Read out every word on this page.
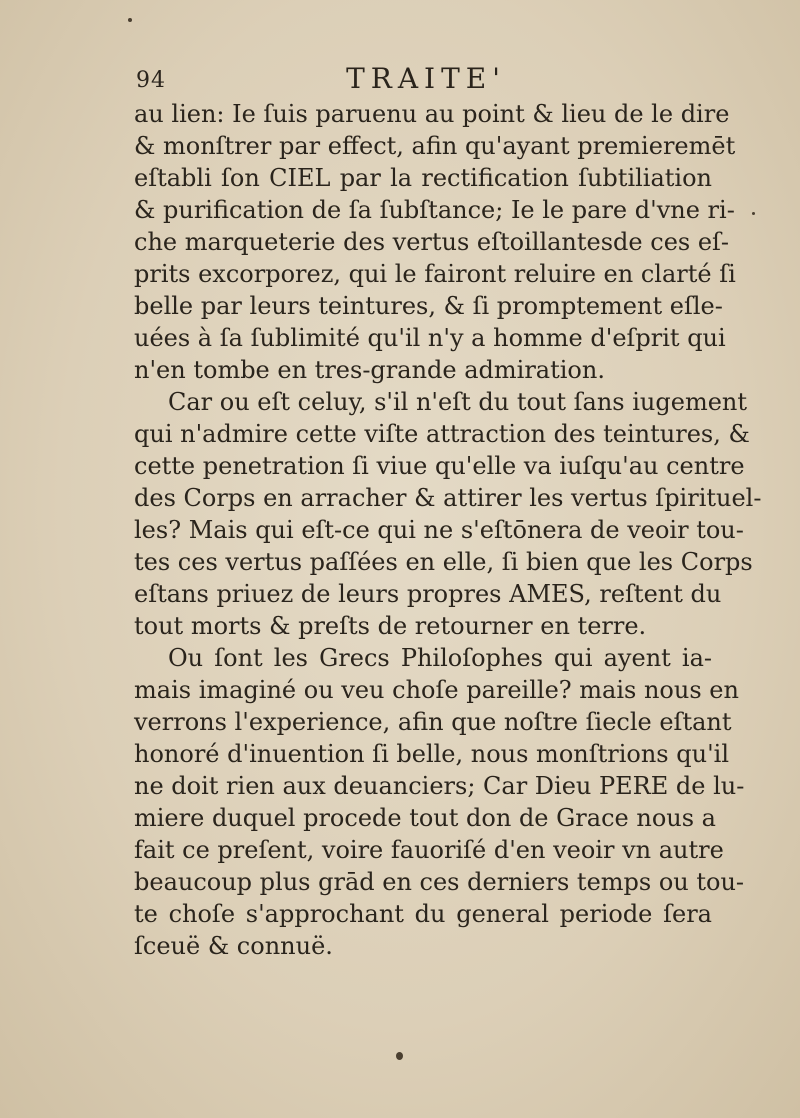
94	TRAITE'
au lien: Ie ſuis paruenu au point & lieu de le dire
& monſtrer par effect, afin qu'ayant premieremēt
eſtabli ſon CIEL par la rectification ſubtiliation
& purification de ſa ſubſtance; Ie le pare d'vne ri-
che marqueterie des vertus eſtoillantesde ces eſ-
prits excorporez, qui le fairont reluire en clarté ſi
belle par leurs teintures, & ſi promptement eſle-
uées à ſa ſublimité qu'il n'y a homme d'eſprit qui
n'en tombe en tres-grande admiration.
Car ou eſt celuy, s'il n'eſt du tout ſans iugement
qui n'admire cette viſte attraction des teintures, &
cette penetration ſi viue qu'elle va iuſqu'au centre
des Corps en arracher & attirer les vertus ſpirituel-
les? Mais qui eſt-ce qui ne s'eſtōnera de veoir tou-
tes ces vertus paſſées en elle, ſi bien que les Corps
eſtans priuez de leurs propres AMES, reſtent du
tout morts & preſts de retourner en terre.
Ou ſont les Grecs Philoſophes qui ayent ia-
mais imaginé ou veu choſe pareille? mais nous en
verrons l'experience, afin que noſtre ſiecle eſtant
honoré d'inuention ſi belle, nous monſtrions qu'il
ne doit rien aux deuanciers; Car Dieu PERE de lu-
miere duquel procede tout don de Grace nous a
fait ce preſent, voire fauoriſé d'en veoir vn autre
beaucoup plus grād en ces derniers temps ou tou-
te choſe s'approchant du general periode ſera
ſceuë & connuë.
